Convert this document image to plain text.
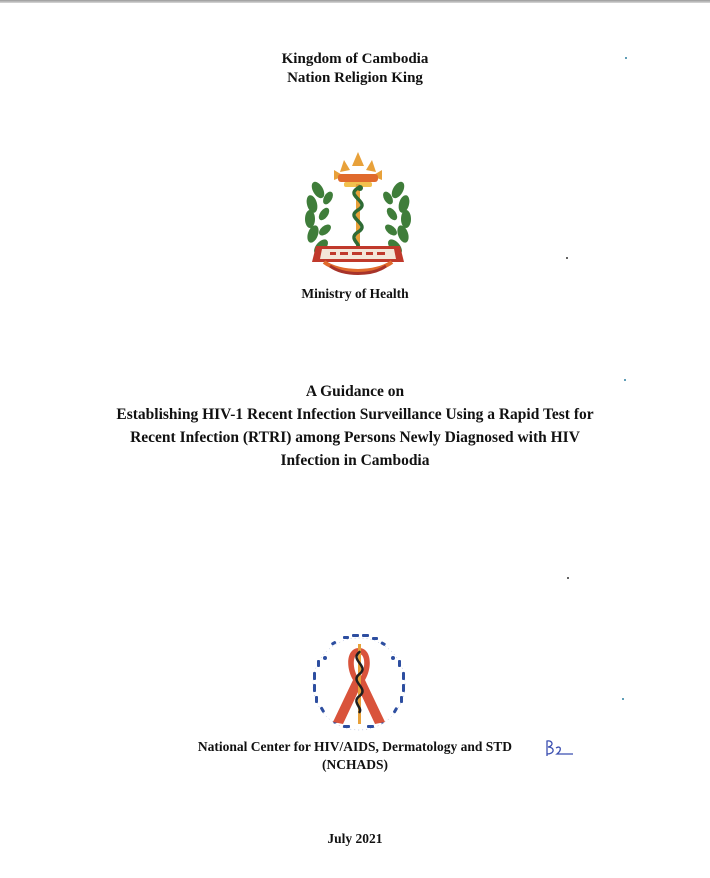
Kingdom of Cambodia
Nation Religion King
Ministry of Health
A Guidance on
Establishing HIV-1 Recent Infection Surveillance Using a Rapid Test for
Recent Infection (RTRI) among Persons Newly Diagnosed with HIV
Infection in Cambodia
National Center for HIV/AIDS, Dermatology and STD
(NCHADS)
July 2021
